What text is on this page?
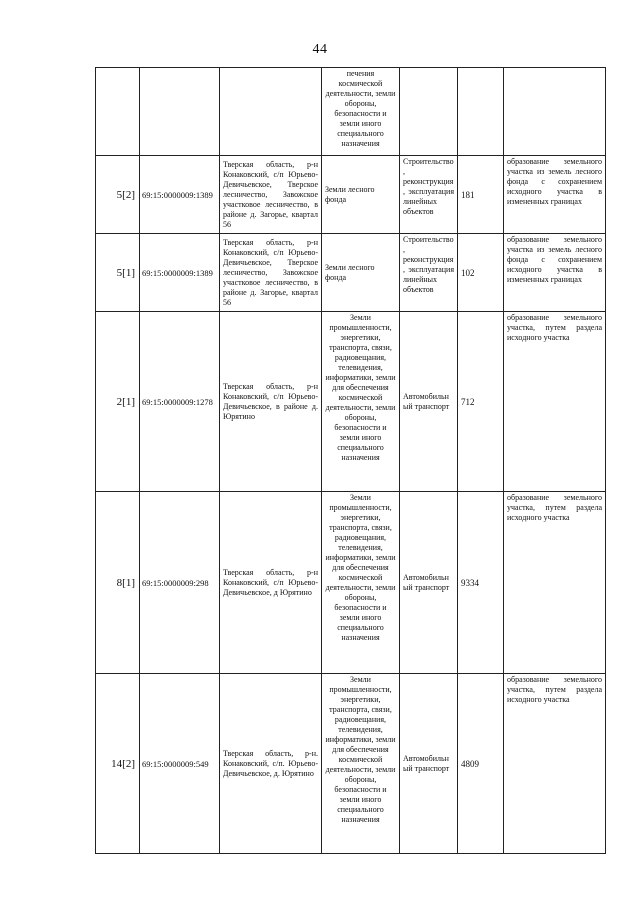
44
			печения космической деятельности, земли обороны, безопасности и земли иного специального назначения			
5[2]	69:15:0000009:1389	Тверская область, р-н Конаковский, с/п Юрьево-Девичьевское, Тверское лесничество, Завожское участковое лесничество, в районе д. Загорье, квартал 56	Земли лесного фонда	Строительство, реконструкция, эксплуатация линейных объектов	181	образование земельного участка из земель лесного фонда с сохранением исходного участка в измененных границах
5[1]	69:15:0000009:1389	Тверская область, р-н Конаковский, с/п Юрьево-Девичьевское, Тверское лесничество, Завожское участковое лесничество, в районе д. Загорье, квартал 56	Земли лесного фонда	Строительство, реконструкция, эксплуатация линейных объектов	102	образование земельного участка из земель лесного фонда с сохранением исходного участка в измененных границах
2[1]	69:15:0000009:1278	Тверская область, р-н Конаковский, с/п Юрьево-Девичьевское, в районе д. Юрятино	Земли промышленности, энергетики, транспорта, связи, радиовещания, телевидения, информатики, земли для обеспечения космической деятельности, земли обороны, безопасности и земли иного специального назначения	Автомобильный транспорт	712	образование земельного участка, путем раздела исходного участка
8[1]	69:15:0000009:298	Тверская область, р-н Конаковский, с/п Юрьево-Девичьевское, д Юрятино	Земли промышленности, энергетики, транспорта, связи, радиовещания, телевидения, информатики, земли для обеспечения космической деятельности, земли обороны, безопасности и земли иного специального назначения	Автомобильный транспорт	9334	образование земельного участка, путем раздела исходного участка
14[2]	69:15:0000009:549	Тверская область, р-н. Конаковский, с/п. Юрьево-Девичьевское, д. Юрятино	Земли промышленности, энергетики, транспорта, связи, радиовещания, телевидения, информатики, земли для обеспечения космической деятельности, земли обороны, безопасности и земли иного специального назначения	Автомобильный транспорт	4809	образование земельного участка, путем раздела исходного участка
